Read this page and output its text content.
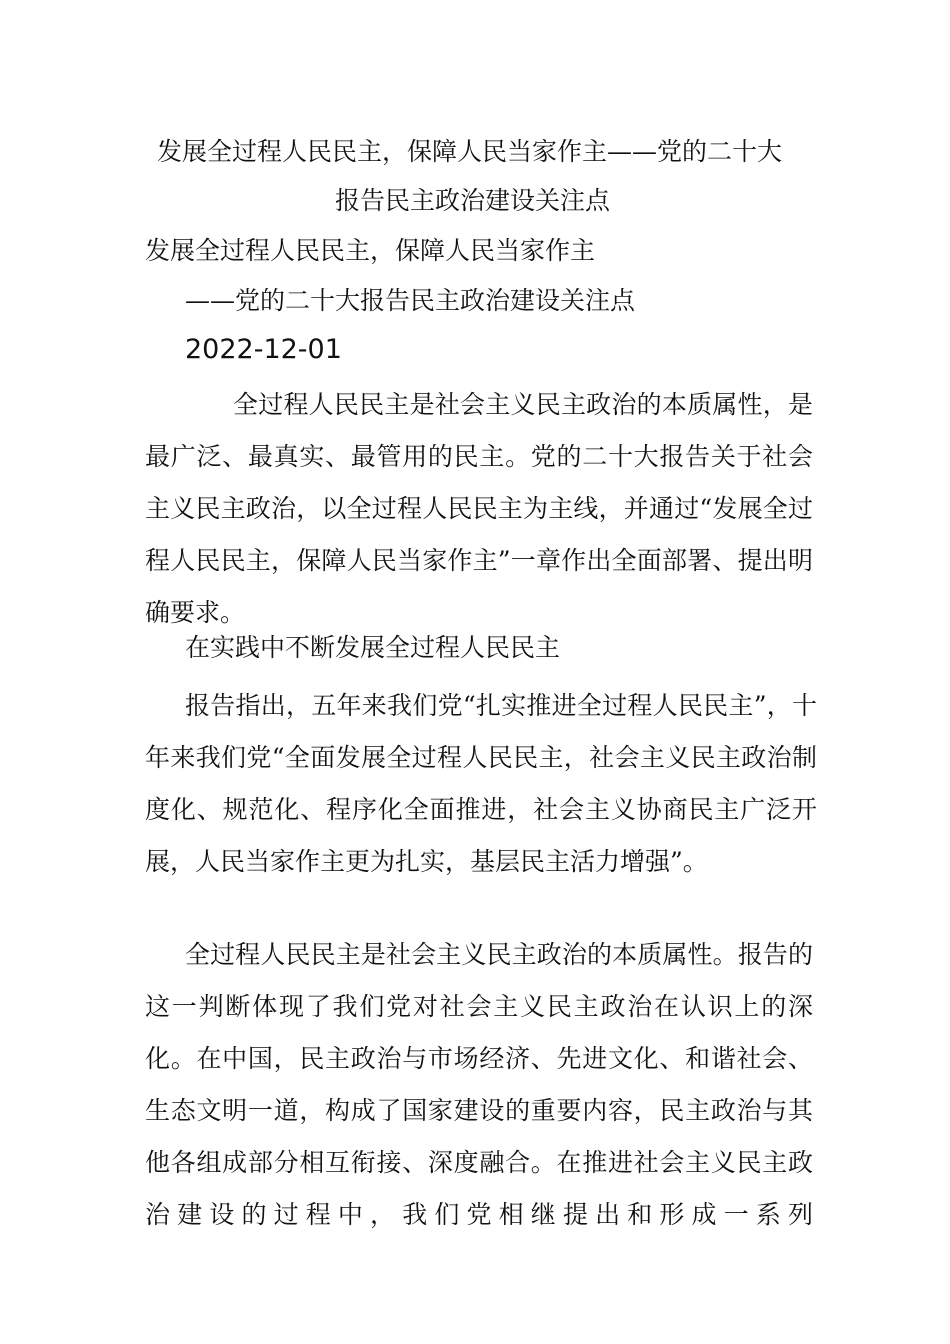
发展全过程人民民主，保障人民当家作主——党的二十大

报告民主政治建设关注点

发展全过程人民民主，保障人民当家作主

——党的二十大报告民主政治建设关注点

2022-12-01

全过程人民民主是社会主义民主政治的本质属性，是最广泛、最真实、最管用的民主。党的二十大报告关于社会主义民主政治，以全过程人民民主为主线，并通过“发展全过程人民民主，保障人民当家作主”一章作出全面部署、提出明确要求。

在实践中不断发展全过程人民民主

报告指出，五年来我们党“扎实推进全过程人民民主”，十年来我们党“全面发展全过程人民民主，社会主义民主政治制度化、规范化、程序化全面推进，社会主义协商民主广泛开展，人民当家作主更为扎实，基层民主活力增强”。

全过程人民民主是社会主义民主政治的本质属性。报告的这一判断体现了我们党对社会主义民主政治在认识上的深化。在中国，民主政治与市场经济、先进文化、和谐社会、生态文明一道，构成了国家建设的重要内容，民主政治与其他各组成部分相互衔接、深度融合。在推进社会主义民主政治建设的过程中，我们党相继提出和形成一系列
